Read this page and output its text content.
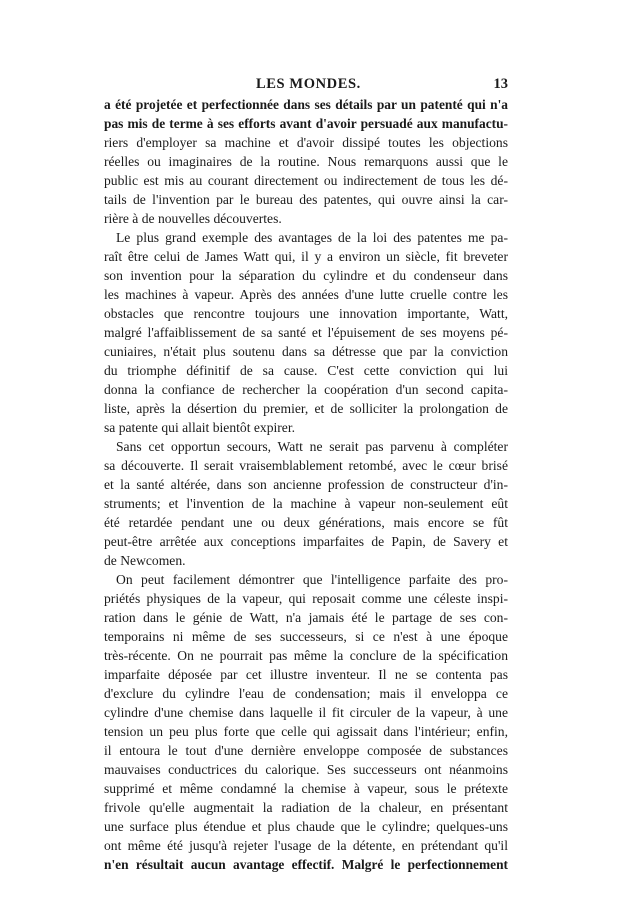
LES MONDES.	13
a été projetée et perfectionnée dans ses détails par un patenté qui n'a
pas mis de terme à ses efforts avant d'avoir persuadé aux manufactu-
riers d'employer sa machine et d'avoir dissipé toutes les objections
réelles ou imaginaires de la routine. Nous remarquons aussi que le
public est mis au courant directement ou indirectement de tous les dé-
tails de l'invention par le bureau des patentes, qui ouvre ainsi la car-
rière à de nouvelles découvertes.
Le plus grand exemple des avantages de la loi des patentes me pa-
raît être celui de James Watt qui, il y a environ un siècle, fit breveter
son invention pour la séparation du cylindre et du condenseur dans
les machines à vapeur. Après des années d'une lutte cruelle contre les
obstacles que rencontre toujours une innovation importante, Watt,
malgré l'affaiblissement de sa santé et l'épuisement de ses moyens pé-
cuniaires, n'était plus soutenu dans sa détresse que par la conviction
du triomphe définitif de sa cause. C'est cette conviction qui lui
donna la confiance de rechercher la coopération d'un second capita-
liste, après la désertion du premier, et de solliciter la prolongation de
sa patente qui allait bientôt expirer.
Sans cet opportun secours, Watt ne serait pas parvenu à compléter
sa découverte. Il serait vraisemblablement retombé, avec le cœur brisé
et la santé altérée, dans son ancienne profession de constructeur d'in-
struments; et l'invention de la machine à vapeur non-seulement eût
été retardée pendant une ou deux générations, mais encore se fût
peut-être arrêtée aux conceptions imparfaites de Papin, de Savery et
de Newcomen.
On peut facilement démontrer que l'intelligence parfaite des pro-
priétés physiques de la vapeur, qui reposait comme une céleste inspi-
ration dans le génie de Watt, n'a jamais été le partage de ses con-
temporains ni même de ses successeurs, si ce n'est à une époque
très-récente. On ne pourrait pas même la conclure de la spécification
imparfaite déposée par cet illustre inventeur. Il ne se contenta pas
d'exclure du cylindre l'eau de condensation; mais il enveloppa ce
cylindre d'une chemise dans laquelle il fit circuler de la vapeur, à une
tension un peu plus forte que celle qui agissait dans l'intérieur; enfin,
il entoura le tout d'une dernière enveloppe composée de substances
mauvaises conductrices du calorique. Ses successeurs ont néanmoins
supprimé et même condamné la chemise à vapeur, sous le prétexte
frivole qu'elle augmentait la radiation de la chaleur, en présentant
une surface plus étendue et plus chaude que le cylindre; quelques-uns
ont même été jusqu'à rejeter l'usage de la détente, en prétendant qu'il
n'en résultait aucun avantage effectif. Malgré le perfectionnement
